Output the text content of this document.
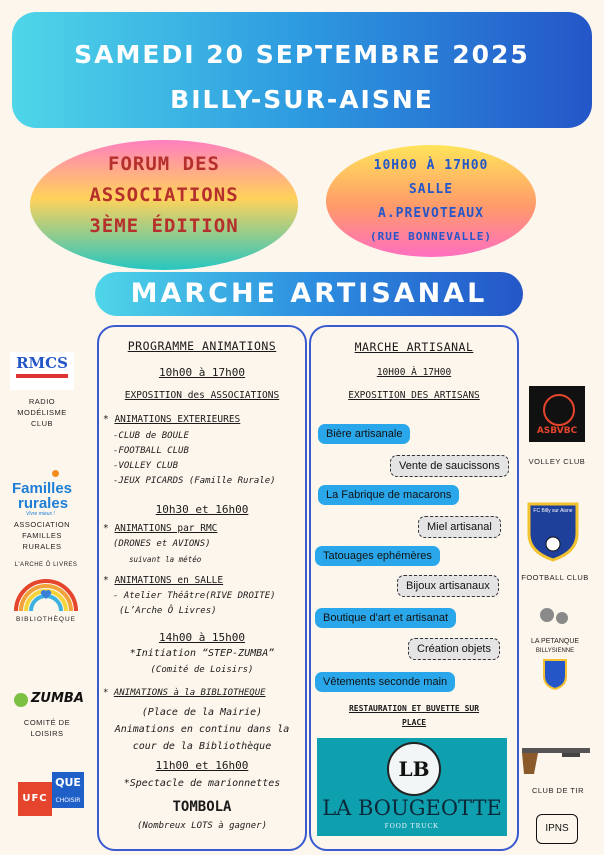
SAMEDI 20 SEPTEMBRE 2025
BILLY-SUR-AISNE
FORUM DES
ASSOCIATIONS
3ÈME ÉDITION
10H00 À 17H00
SALLE
A.PREVOTEAUX
(RUE BONNEVALLE)
MARCHE ARTISANAL
PROGRAMME ANIMATIONS
10h00 à 17h00
EXPOSITION des ASSOCIATIONS
* ANIMATIONS EXTERIEURES
-CLUB de BOULE
-FOOTBALL CLUB
-VOLLEY CLUB
-JEUX PICARDS (Famille Rurale)
10h30 et 16h00
* ANIMATIONS par RMC
(DRONES et AVIONS)
suivant la météo
* ANIMATIONS en SALLE
- Atelier Théâtre(RIVE DROITE)
(L’Arche Ô Livres)
14h00 à 15h00
*Initiation “STEP-ZUMBA”
(Comité de Loisirs)
* ANIMATIONS à la BIBLIOTHEQUE
(Place de la Mairie)
Animations en continu dans la
cour de la Bibliothèque
11h00 et 16h00
*Spectacle de marionnettes
TOMBOLA
(Nombreux LOTS à gagner)
MARCHE ARTISANAL
10H00 À 17H00
EXPOSITION DES ARTISANS
Bière artisanale
Vente de saucissons
La Fabrique de macarons
Miel artisanal
Tatouages ephémères
Bijoux artisanaux
Boutique d'art et artisanat
Création objets
Vêtements seconde main
RESTAURATION ET BUVETTE SUR
PLACE
LB
LA BOUGEOTTE
FOOD TRUCK
RMCS
RADIO
MODÉLISME
CLUB
Familles
rurales
Vivre mieux !
ASSOCIATION
FAMILLES
RURALES
BIBLIOTHÈQUE
L'ARCHE Ô LIVRES
ZUMBA
COMITÉ DE
LOISIRS
UFC
QUE
CHOISIR
ASBVBC
VOLLEY CLUB
FC Billy sur Aisne
FOOTBALL CLUB
LA PETANQUE
BILLYSIENNE
CLUB DE TIR
IPNS
